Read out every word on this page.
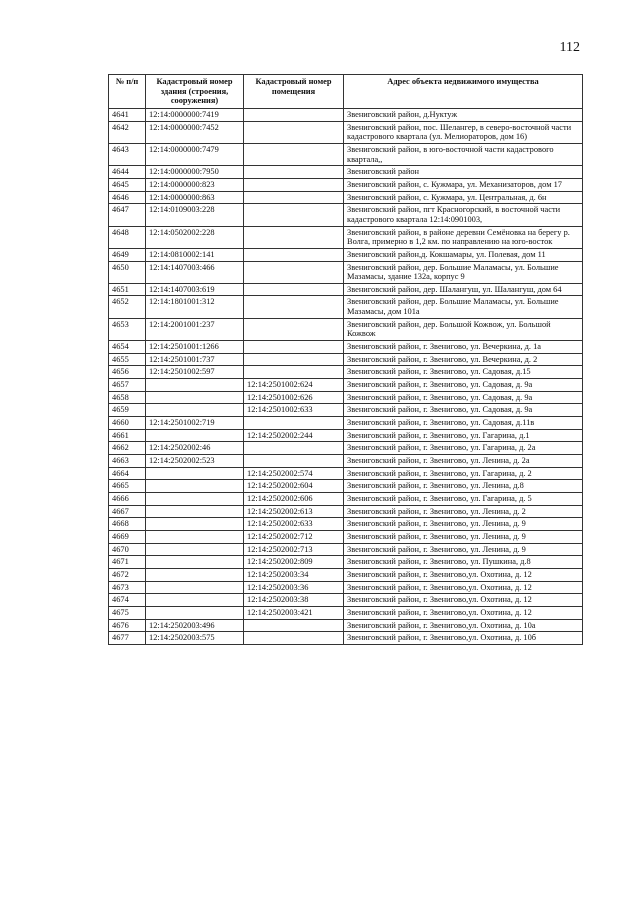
112
№ п/п	Кадастровый номер здания (строения, сооружения)	Кадастровый номер помещения	Адрес объекта недвижимого имущества
4641	12:14:0000000:7419		Звениговский район, д.Нуктуж
4642	12:14:0000000:7452		Звениговский район, пос. Шелангер, в северо-восточной части кадастрового квартала (ул. Мелиораторов, дом 16)
4643	12:14:0000000:7479		Звениговский район, в юго-восточной части кадастрового квартала,,
4644	12:14:0000000:7950		Звениговский район
4645	12:14:0000000:823		Звениговский район, с. Кужмара, ул. Механизаторов, дом 17
4646	12:14:0000000:863		Звениговский район, с. Кужмара, ул. Центральная, д. 6н
4647	12:14:0109003:228		Звениговский район, пгт Красногорский, в восточной части кадастрового квартала 12:14:0901003,
4648	12:14:0502002:228		Звениговский район, в районе деревни Семёновка на берегу р. Волга, примерно в 1,2 км. по направлению на юго-восток
4649	12:14:0810002:141		Звениговский район,д. Кокшамары, ул. Полевая, дом 11
4650	12:14:1407003:466		Звениговский район, дер. Большие Маламасы, ул. Большие Мазамасы, здание 132а, корпус 9
4651	12:14:1407003:619		Звениговский район, дер. Шалангуш, ул. Шалангуш, дом 64
4652	12:14:1801001:312		Звениговский район, дер. Большие Маламасы, ул. Большие Мазамасы, дом 101а
4653	12:14:2001001:237		Звениговский район, дер. Большой Кожвож, ул. Большой Кожвож
4654	12:14:2501001:1266		Звениговский район, г. Звенигово, ул. Вечеркина, д. 1а
4655	12:14:2501001:737		Звениговский район, г. Звенигово, ул. Вечеркина, д. 2
4656	12:14:2501002:597		Звениговский район, г. Звенигово, ул. Садовая, д.15
4657		12:14:2501002:624	Звениговский район, г. Звенигово, ул. Садовая, д. 9а
4658		12:14:2501002:626	Звениговский район, г. Звенигово, ул. Садовая, д. 9а
4659		12:14:2501002:633	Звениговский район, г. Звенигово, ул. Садовая, д. 9а
4660	12:14:2501002:719		Звениговский район, г. Звенигово, ул. Садовая, д.11в
4661		12:14:2502002:244	Звениговский район, г. Звенигово, ул. Гагарина, д.1
4662	12:14:2502002:46		Звениговский район, г. Звенигово, ул. Гагарина, д. 2а
4663	12:14:2502002:523		Звениговский район, г. Звенигово, ул. Ленина, д. 2а
4664		12:14:2502002:574	Звениговский район, г. Звенигово, ул. Гагарина, д. 2
4665		12:14:2502002:604	Звениговский район, г. Звенигово, ул. Ленина, д.8
4666		12:14:2502002:606	Звениговский район, г. Звенигово, ул. Гагарина, д. 5
4667		12:14:2502002:613	Звениговский район, г. Звенигово, ул. Ленина, д. 2
4668		12:14:2502002:633	Звениговский район, г. Звенигово, ул. Ленина, д. 9
4669		12:14:2502002:712	Звениговский район, г. Звенигово, ул. Ленина, д. 9
4670		12:14:2502002:713	Звениговский район, г. Звенигово, ул. Ленина, д. 9
4671		12:14:2502002:809	Звениговский район, г. Звенигово, ул. Пушкина, д.8
4672		12:14:2502003:34	Звениговский район, г. Звенигово,ул. Охотина, д. 12
4673		12:14:2502003:36	Звениговский район, г. Звенигово,ул. Охотина, д. 12
4674		12:14:2502003:38	Звениговский район, г. Звенигово,ул. Охотина, д. 12
4675		12:14:2502003:421	Звениговский район, г. Звенигово,ул. Охотина, д. 12
4676	12:14:2502003:496		Звениговский район, г. Звенигово,ул. Охотина, д. 10а
4677	12:14:2502003:575		Звениговский район, г. Звенигово,ул. Охотина, д. 10б
